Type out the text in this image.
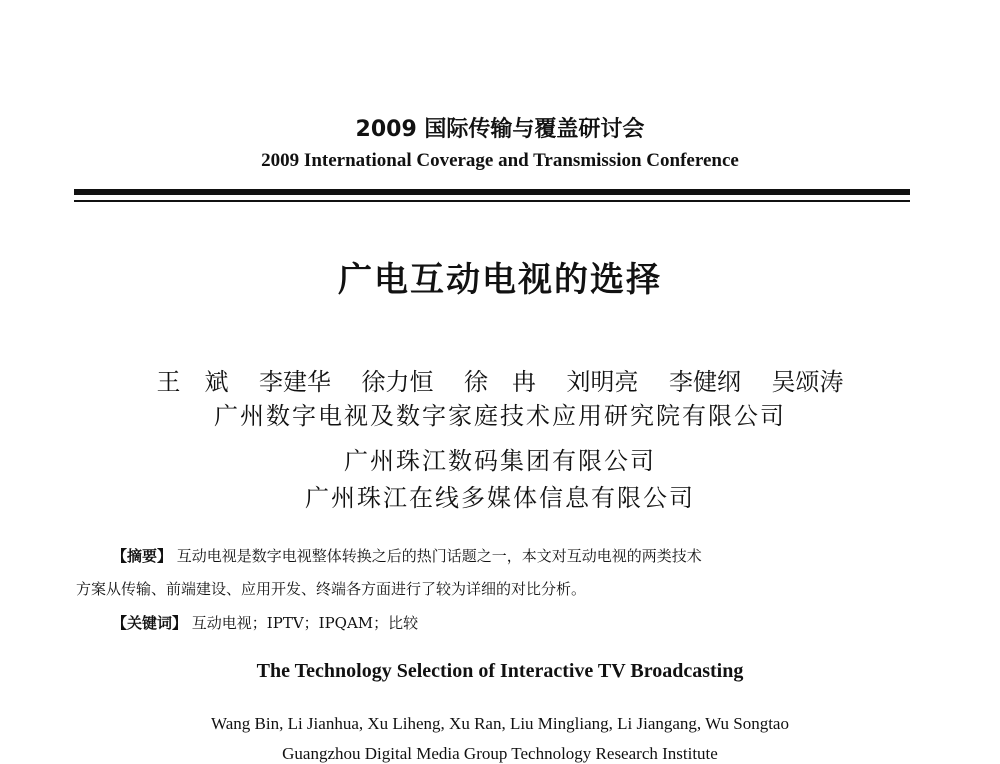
2009 国际传输与覆盖研讨会
2009 International Coverage and Transmission Conference
广电互动电视的选择
王　斌 李建华 徐力恒 徐　冉 刘明亮 李健纲 吴颂涛
广州数字电视及数字家庭技术应用研究院有限公司
广州珠江数码集团有限公司
广州珠江在线多媒体信息有限公司
【摘要】 互动电视是数字电视整体转换之后的热门话题之一，本文对互动电视的两类技术
方案从传输、前端建设、应用开发、终端各方面进行了较为详细的对比分析。
【关键词】 互动电视；IPTV；IPQAM；比较
The Technology Selection of Interactive TV Broadcasting
Wang Bin, Li Jianhua, Xu Liheng, Xu Ran, Liu Mingliang, Li Jiangang, Wu Songtao
Guangzhou Digital Media Group Technology Research Institute
